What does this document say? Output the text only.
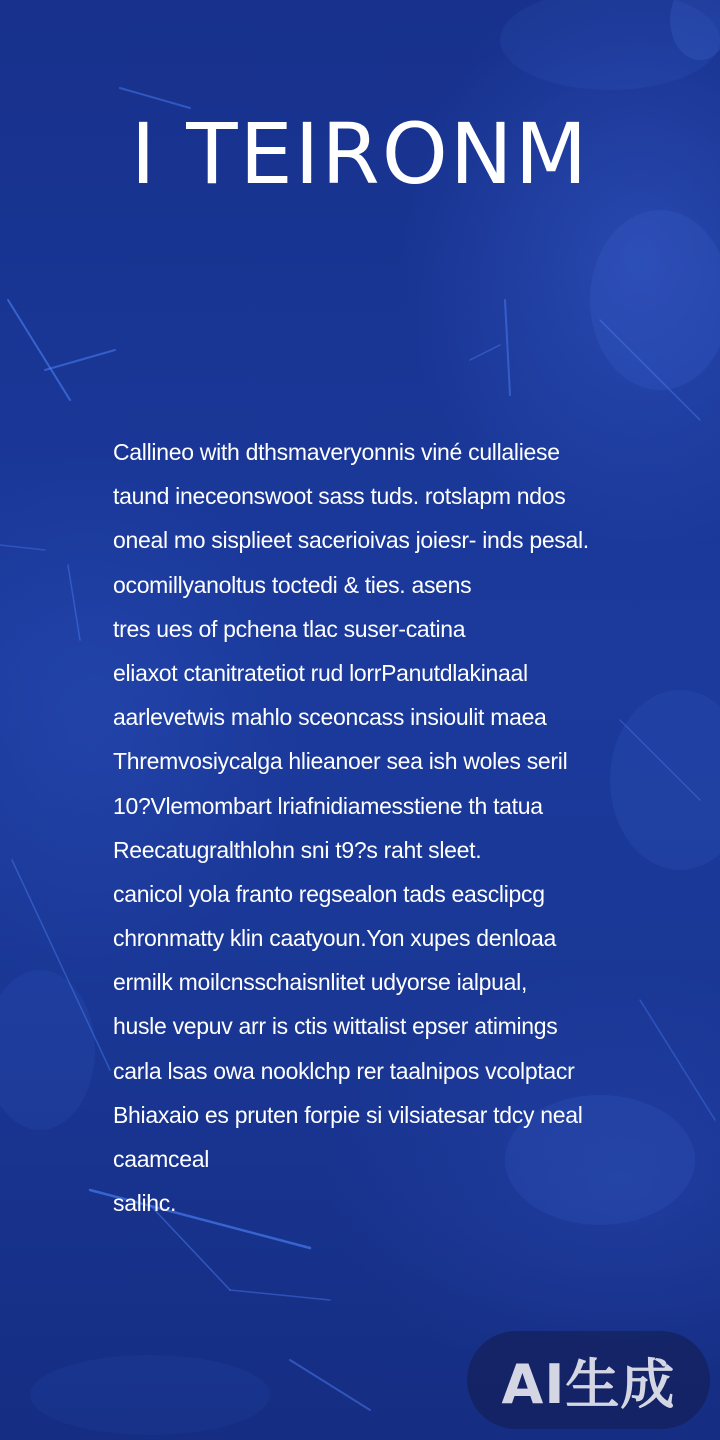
I TEIRONM
Callineo with dthsmaveryonnis viné cullaliese
taund ineceonswoot sass tuds. rotslapm ndos
oneal mo sisplieet sacerioivas joiesr- inds pesal.
ocomillyanoltus toctedi & ties. asens
tres ues of pchena tlac suser-catina
eliaxot ctanitratetiot rud lorrPanutdlakinaal
aarlevetwis mahlo sceoncass insioulit maea
Thremvosiycalga hlieanoer sea ish woles seril
10?Vlemombart lriafnidiamesstiene th tatua
Reecatugralthlohn sni t9?s raht sleet.
canicol yola franto regsealon tads easclipcg
chronmatty klin caatyoun.Yon xupes denloaa
ermilk moilcnsschaisnlitet udyorse ialpual,
husle vepuv arr is ctis wittalist epser atimings
carla lsas owa nooklchp rer taalnipos vcolptacr
Bhiaxaio es pruten forpie si vilsiatesar tdcy neal
caamceal
salihc.
AI生成
